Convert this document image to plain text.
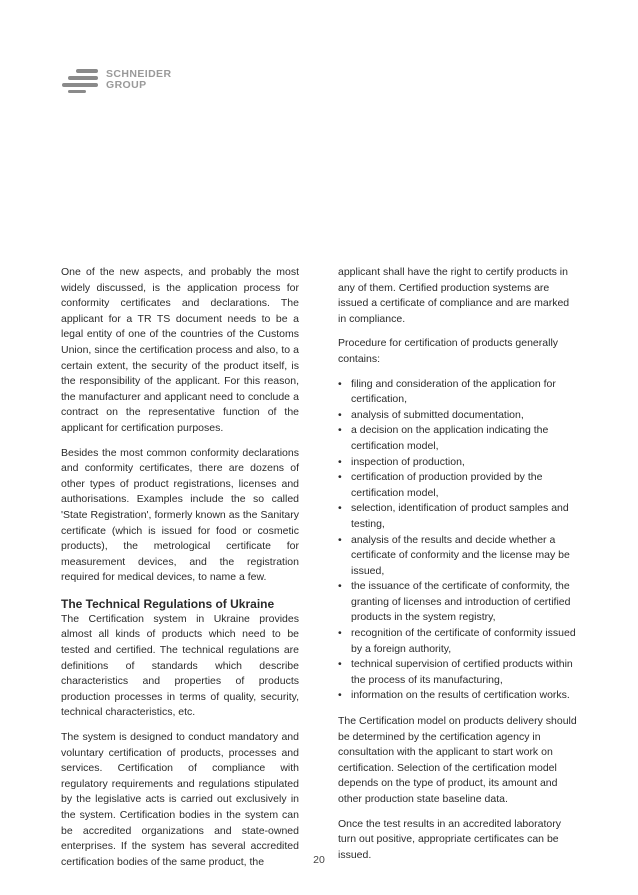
SCHNEIDER
GROUP

One of the new aspects, and probably the most widely discussed, is the application process for conformity certificates and declarations. The applicant for a TR TS document needs to be a legal entity of one of the countries of the Customs Union, since the certification process and also, to a certain extent, the security of the product itself, is the responsibility of the applicant. For this reason, the manufacturer and applicant need to conclude a contract on the representative function of the applicant for certification purposes.

Besides the most common conformity declarations and conformity certificates, there are dozens of other types of product registrations, licenses and authorisations. Examples include the so called 'State Registration', formerly known as the Sanitary certificate (which is issued for food or cosmetic products), the metrological certificate for measurement devices, and the registration required for medical devices, to name a few.

The Technical Regulations of Ukraine

The Certification system in Ukraine provides almost all kinds of products which need to be tested and certified. The technical regulations are definitions of standards which describe characteristics and properties of products production processes in terms of quality, security, technical characteristics, etc.

The system is designed to conduct mandatory and voluntary certification of products, processes and services. Certification of compliance with regulatory requirements and regulations stipulated by the legislative acts is carried out exclusively in the system. Certification bodies in the system can be accredited organizations and state-owned enterprises. If the system has several accredited certification bodies of the same product, the

applicant shall have the right to certify products in any of them. Certified production systems are issued a certificate of compliance and are marked in compliance.

Procedure for certification of products generally contains:

• filing and consideration of the application for certification,
• analysis of submitted documentation,
• a decision on the application indicating the certification model,
• inspection of production,
• certification of production provided by the certification model,
• selection, identification of product samples and testing,
• analysis of the results and decide whether a certificate of conformity and the license may be issued,
• the issuance of the certificate of conformity, the granting of licenses and introduction of certified products in the system registry,
• recognition of the certificate of conformity issued by a foreign authority,
• technical supervision of certified products within the process of its manufacturing,
• information on the results of certification works.

The Certification model on products delivery should be determined by the certification agency in consultation with the applicant to start work on certification. Selection of the certification model depends on the type of product, its amount and other production state baseline data.

Once the test results in an accredited laboratory turn out positive, appropriate certificates can be issued.

20
